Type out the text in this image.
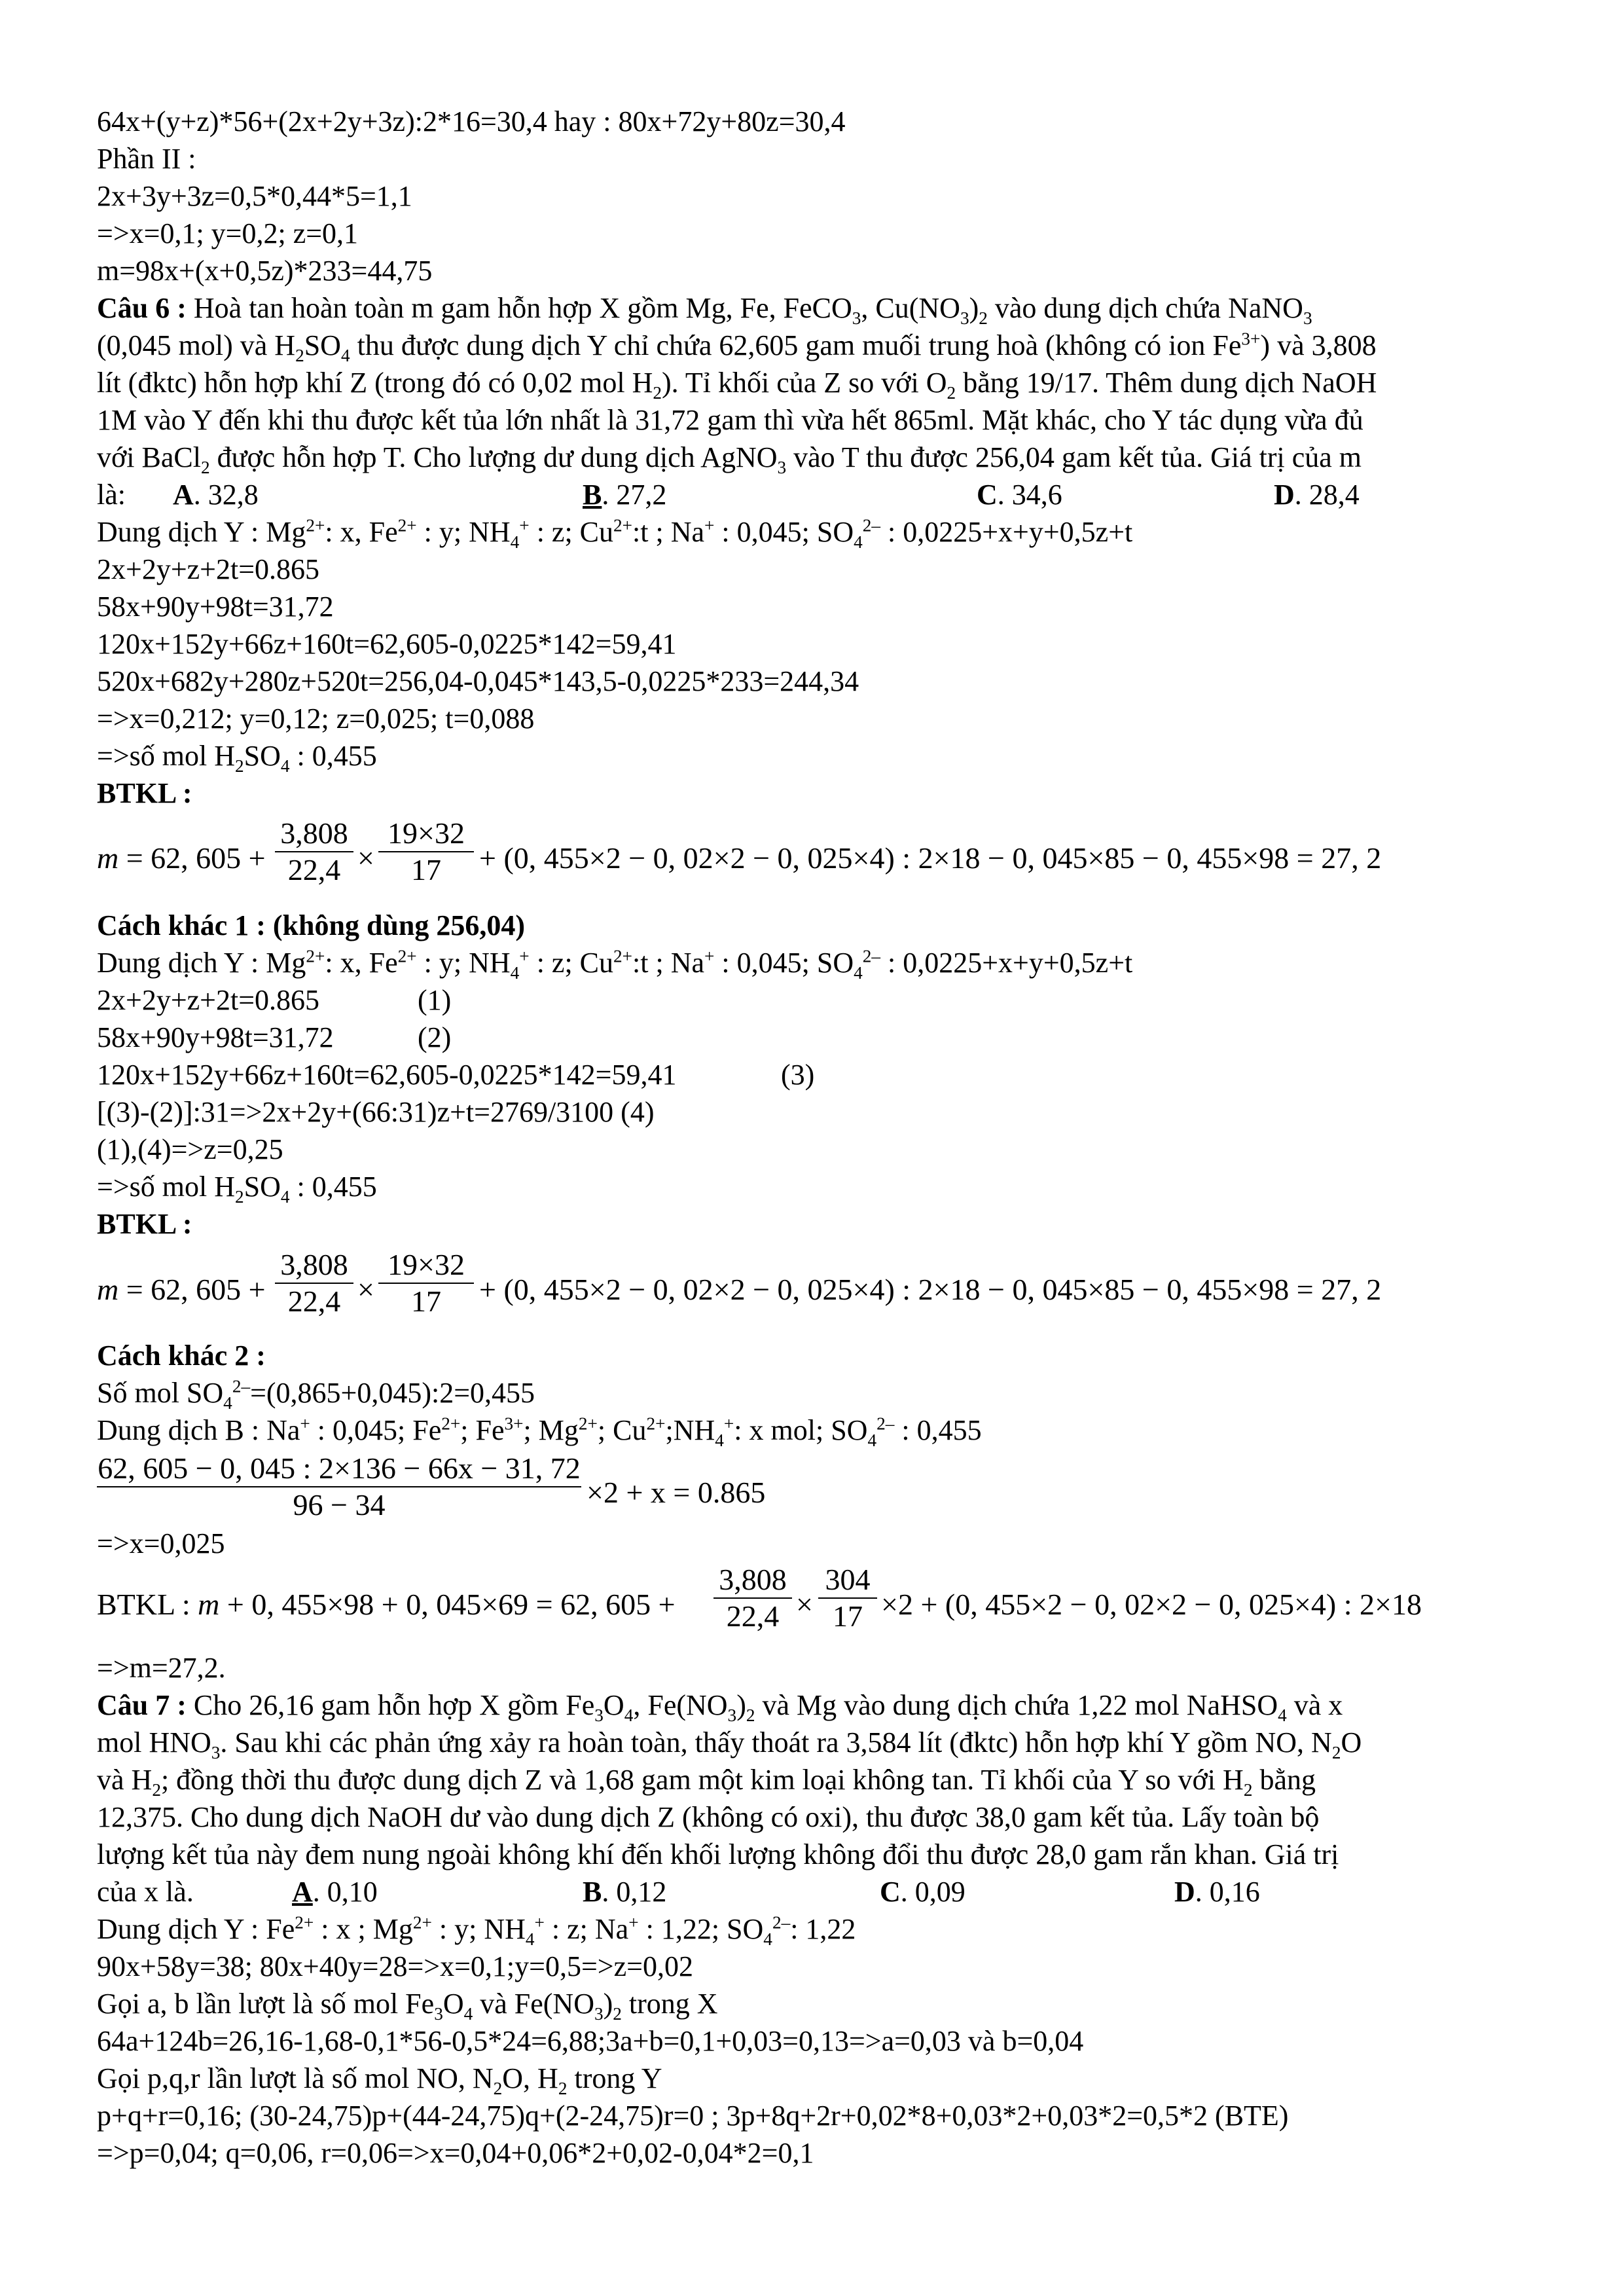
64x+(y+z)*56+(2x+2y+3z):2*16=30,4 hay : 80x+72y+80z=30,4
Phần II :
2x+3y+3z=0,5*0,44*5=1,1
=>x=0,1; y=0,2; z=0,1
m=98x+(x+0,5z)*233=44,75
Câu 6 : Hoà tan hoàn toàn m gam hỗn hợp X gồm Mg, Fe, FeCO$_3$, $Cu(NO_3)_2$ vào dung dịch chứa NaNO$_3$
(0,045 mol) và $H_2SO_4$ thu được dung dịch Y chỉ chứa 62,605 gam muối trung hoà (không có ion $Fe^{3+}$) và 3,808
lít (đktc) hỗn hợp khí Z (trong đó có 0,02 mol $H_2$). Tỉ khối của Z so với $O_2$ bằng 19/17. Thêm dung dịch NaOH
1M vào Y đến khi thu được kết tủa lớn nhất là 31,72 gam thì vừa hết 865ml. Mặt khác, cho Y tác dụng vừa đủ
với BaCl$_2$ được hỗn hợp T. Cho lượng dư dung dịch AgNO$_3$ vào T thu được 256,04 gam kết tủa. Giá trị của m
là: A. 32,8	B. 27,2	C. 34,6	D. 28,4
Dung dịch Y : $Mg^{2+}$: x, $Fe^{2+}$ : y; $NH_4^+$ : z; $Cu^{2+}:t$ ; Na+ : 0,045; $SO_4^{2-}$ : 0,0225+x+y+0,5z+t
2x+2y+z+2t=0.865
58x+90y+98t=31,72
120x+152y+66z+160t=62,605-0,0225*142=59,41
520x+682y+280z+520t=256,04-0,045*143,5-0,0225*233=244,34
=>x=0,212; y=0,12; z=0,025; t=0,088
=>số mol $H_2SO_4$ : 0,455
BTKL :
m = 62, 605 +
3,808
22,4 ×
19×32
17	+ (0, 455×2 − 0, 02×2 − 0, 025×4) : 2×18 − 0, 045×85 − 0, 455×98 = 27, 2
Cách khác 1 : (không dùng 256,04)
Dung dịch Y : $Mg^{2+}$: x, $Fe^{2+}$ : y; $NH_4^+$ : z; $Cu^{2+}:t$ ; Na+ : 0,045; $SO_4^{2-}$ : 0,0225+x+y+0,5z+t
2x+2y+z+2t=0.865	(1)
58x+90y+98t=31,72	(2)
120x+152y+66z+160t=62,605-0,0225*142=59,41	(3)
[(3)-(2)]:31=>2x+2y+(66:31)z+t=2769/3100 (4)
(1),(4)=>z=0,25
=>số mol $H_2SO_4$ : 0,455
BTKL :
m = 62, 605 +
3,808
22,4 ×
19×32
17	+ (0, 455×2 − 0, 02×2 − 0, 025×4) : 2×18 − 0, 045×85 − 0, 455×98 = 27, 2
Cách khác 2 :
Số mol $SO_4^{2-}=(0,865+0,045):2=0,455$
Dung dịch B : Na+ : 0,045; $Fe^{2+}$; $Fe^{3+}$; $Mg^{2+}$; $Cu^{2+};NH_4^+$: x mol; $SO_4^{2-}$ : 0,455
62, 605 − 0, 045 : 2×136 − 66x − 31, 72
96 − 34	×2 + x = 0.865
=>x=0,025
BTKL : m + 0, 455×98 + 0, 045×69 = 62, 605 +
3,808
22,4 ×
304
17 ×2 + (0, 455×2 − 0, 02×2 − 0, 025×4) : 2×18
=>m=27,2.
Câu 7 : Cho 26,16 gam hỗn hợp X gồm $Fe_3O_4$, $Fe(NO_3)_2$ và Mg vào dung dịch chứa 1,22 mol NaHSO$_4$ và x
mol $HNO_3$. Sau khi các phản ứng xảy ra hoàn toàn, thấy thoát ra 3,584 lít (đktc) hỗn hợp khí Y gồm NO, $N_2O$
và $H_2$; đồng thời thu được dung dịch Z và 1,68 gam một kim loại không tan. Tỉ khối của Y so với $H_2$ bằng
12,375. Cho dung dịch NaOH dư vào dung dịch Z (không có oxi), thu được 38,0 gam kết tủa. Lấy toàn bộ
lượng kết tủa này đem nung ngoài không khí đến khối lượng không đổi thu được 28,0 gam rắn khan. Giá trị
của x là.	A. 0,10	B. 0,12	C. 0,09	D. 0,16
Dung dịch Y : $Fe^{2+}$ : x ; $Mg^{2+}$ : y; $NH_4^+$ : z; Na+ : 1,22; $SO_4^{2-}$: 1,22
90x+58y=38; 80x+40y=28=>x=0,1;y=0,5=>z=0,02
Gọi a, b lần lượt là số mol $Fe_3O_4$ và $Fe(NO_3)_2$ trong X
64a+124b=26,16-1,68-0,1*56-0,5*24=6,88;3a+b=0,1+0,03=0,13=>a=0,03 và b=0,04
Gọi p,q,r lần lượt là số mol NO, $N_2O$, $H_2$ trong Y
p+q+r=0,16; (30-24,75)p+(44-24,75)q+(2-24,75)r=0 ; 3p+8q+2r+0,02*8+0,03*2+0,03*2=0,5*2 (BTE)
=>p=0,04; q=0,06, r=0,06=>x=0,04+0,06*2+0,02-0,04*2=0,1
